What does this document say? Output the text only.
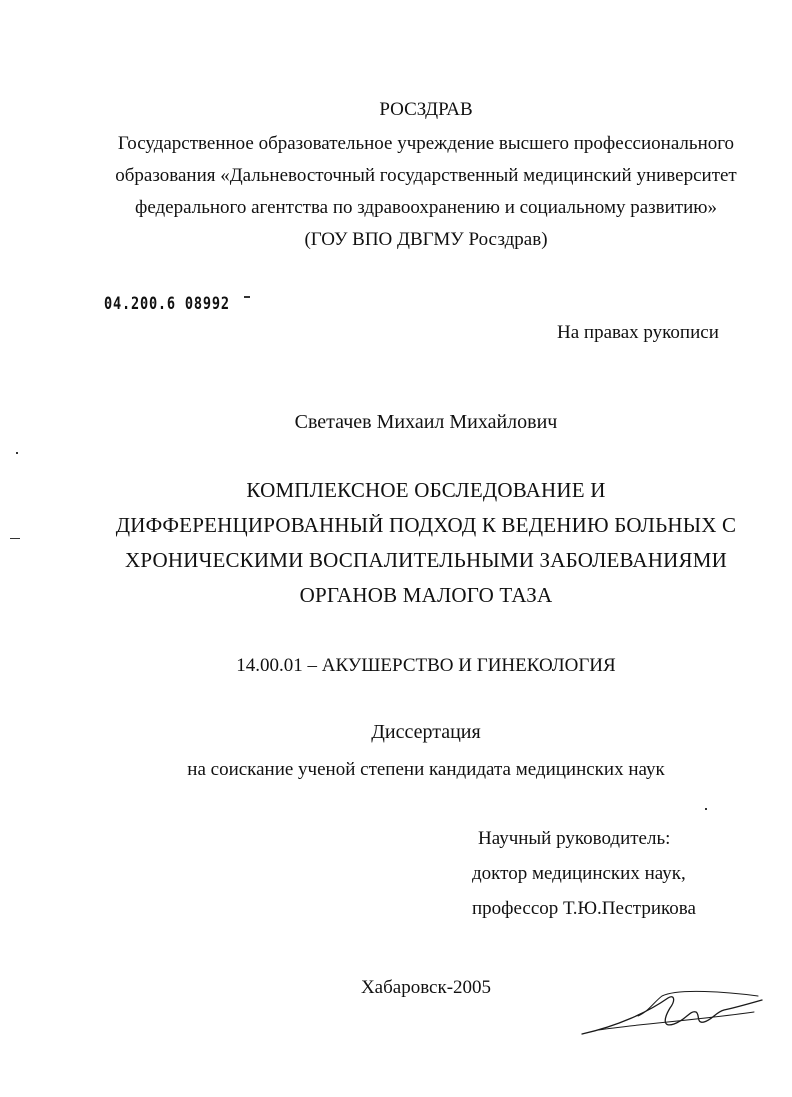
РОСЗДРАВ
Государственное образовательное учреждение высшего профессионального
образования «Дальневосточный государственный медицинский университет
федерального агентства по здравоохранению и социальному развитию»
(ГОУ ВПО ДВГМУ Росздрав)
04.200.6 08992
На правах рукописи
Светачев Михаил Михайлович
КОМПЛЕКСНОЕ ОБСЛЕДОВАНИЕ И
ДИФФЕРЕНЦИРОВАННЫЙ ПОДХОД К ВЕДЕНИЮ БОЛЬНЫХ С
ХРОНИЧЕСКИМИ ВОСПАЛИТЕЛЬНЫМИ ЗАБОЛЕВАНИЯМИ
ОРГАНОВ МАЛОГО ТАЗА
14.00.01 – АКУШЕРСТВО И ГИНЕКОЛОГИЯ
Диссертация
на соискание ученой степени кандидата медицинских наук
Научный руководитель:
доктор медицинских наук,
профессор Т.Ю.Пестрикова
Хабаровск-2005
